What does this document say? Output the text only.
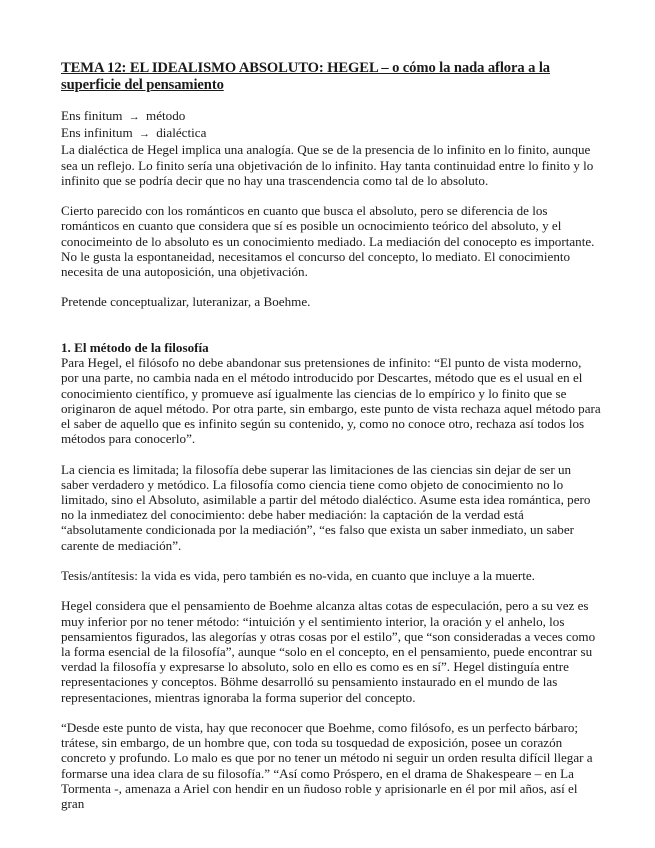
TEMA 12: EL IDEALISMO ABSOLUTO: HEGEL – o cómo la nada aflora a la superficie del pensamiento

Ens finitum → método

Ens infinitum → dialéctica

La dialéctica de Hegel implica una analogía. Que se de la presencia de lo infinito en lo finito, aunque sea un reflejo. Lo finito sería una objetivación de lo infinito. Hay tanta continuidad entre lo finito y lo infinito que se podría decir que no hay una trascendencia como tal de lo absoluto.

Cierto parecido con los románticos en cuanto que busca el absoluto, pero se diferencia de los románticos en cuanto que considera que sí es posible un ocnocimiento teórico del absoluto, y el conocimeinto de lo absoluto es un conocimiento mediado. La mediación del conocepto es importante. No le gusta la espontaneidad, necesitamos el concurso del concepto, lo mediato. El conocimiento necesita de una autoposición, una objetivación.

Pretende conceptualizar, luteranizar, a Boehme.

1. El método de la filosofía

Para Hegel, el filósofo no debe abandonar sus pretensiones de infinito: “El punto de vista moderno, por una parte, no cambia nada en el método introducido por Descartes, método que es el usual en el conocimiento científico, y promueve así igualmente las ciencias de lo empírico y lo finito que se originaron de aquel método. Por otra parte, sin embargo, este punto de vista rechaza aquel método para el saber de aquello que es infinito según su contenido, y, como no conoce otro, rechaza así todos los métodos para conocerlo”.

La ciencia es limitada; la filosofía debe superar las limitaciones de las ciencias sin dejar de ser un saber verdadero y metódico. La filosofía como ciencia tiene como objeto de conocimiento no lo limitado, sino el Absoluto, asimilable a partir del método dialéctico. Asume esta idea romántica, pero no la inmediatez del conocimiento: debe haber mediación: la captación de la verdad está “absolutamente condicionada por la mediación”, “es falso que exista un saber inmediato, un saber carente de mediación”.

Tesis/antítesis: la vida es vida, pero también es no-vida, en cuanto que incluye a la muerte.

Hegel considera que el pensamiento de Boehme alcanza altas cotas de especulación, pero a su vez es muy inferior por no tener método: “intuición y el sentimiento interior, la oración y el anhelo, los pensamientos figurados, las alegorías y otras cosas por el estilo”, que “son consideradas a veces como la forma esencial de la filosofía”, aunque “solo en el concepto, en el pensamiento, puede encontrar su verdad la filosofía y expresarse lo absoluto, solo en ello es como es en sí”. Hegel distinguía entre representaciones y conceptos. Böhme desarrolló su pensamiento instaurado en el mundo de las representaciones, mientras ignoraba la forma superior del concepto.

“Desde este punto de vista, hay que reconocer que Boehme, como filósofo, es un perfecto bárbaro; trátese, sin embargo, de un hombre que, con toda su tosquedad de exposición, posee un corazón concreto y profundo. Lo malo es que por no tener un método ni seguir un orden resulta difícil llegar a formarse una idea clara de su filosofía.” “Así como Próspero, en el drama de Shakespeare – en La Tormenta -, amenaza a Ariel con hendir en un ñudoso roble y aprisionarle en él por mil años, así el gran
